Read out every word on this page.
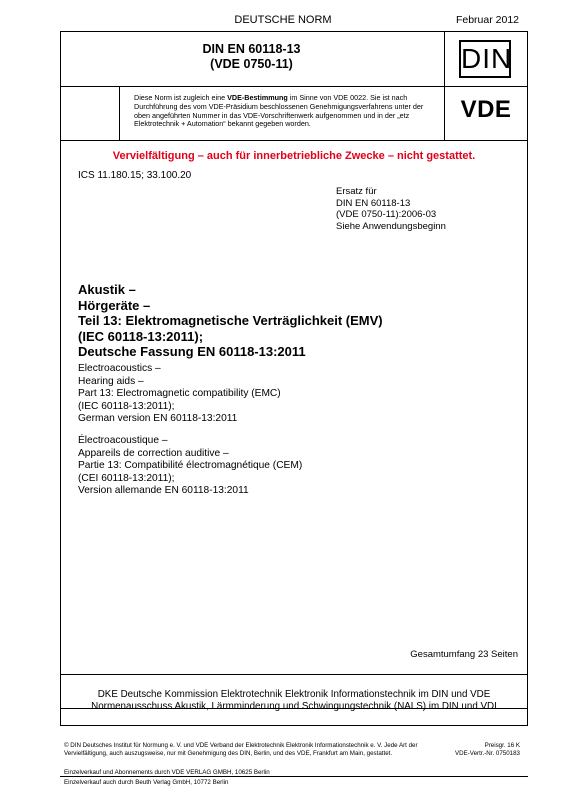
DEUTSCHE NORM	Februar 2012
DIN EN 60118-13
(VDE 0750-11)	DIN
Diese Norm ist zugleich eine VDE-Bestimmung im Sinne von VDE 0022. Sie ist nach Durchführung des vom VDE-Präsidium beschlossenen Genehmigungsverfahrens unter der oben angeführten Nummer in das VDE-Vorschriftenwerk aufgenommen und in der „etz Elektrotechnik + Automation“ bekannt gegeben worden.
VDE
Vervielfältigung – auch für innerbetriebliche Zwecke – nicht gestattet.
ICS 11.180.15; 33.100.20
Ersatz für
DIN EN 60118-13
(VDE 0750-11):2006-03
Siehe Anwendungsbeginn
Akustik –
Hörgeräte –
Teil 13: Elektromagnetische Verträglichkeit (EMV)
(IEC 60118-13:2011);
Deutsche Fassung EN 60118-13:2011
Electroacoustics –
Hearing aids –
Part 13: Electromagnetic compatibility (EMC)
(IEC 60118-13:2011);
German version EN 60118-13:2011
Électroacoustique –
Appareils de correction auditive –
Partie 13: Compatibilité électromagnétique (CEM)
(CEI 60118-13:2011);
Version allemande EN 60118-13:2011
Gesamtumfang 23 Seiten
DKE Deutsche Kommission Elektrotechnik Elektronik Informationstechnik im DIN und VDE
Normenausschuss Akustik, Lärmminderung und Schwingungstechnik (NALS) im DIN und VDI
© DIN Deutsches Institut für Normung e. V. und VDE Verband der Elektrotechnik Elektronik Informationstechnik e. V. Jede Art der Vervielfältigung, auch auszugsweise, nur mit Genehmigung des DIN, Berlin, und des VDE, Frankfurt am Main, gestattet.
Preisgr. 16 K
VDE-Vertr.-Nr. 0750183
Einzelverkauf und Abonnements durch VDE VERLAG GMBH, 10625 Berlin
Einzelverkauf auch durch Beuth Verlag GmbH, 10772 Berlin
